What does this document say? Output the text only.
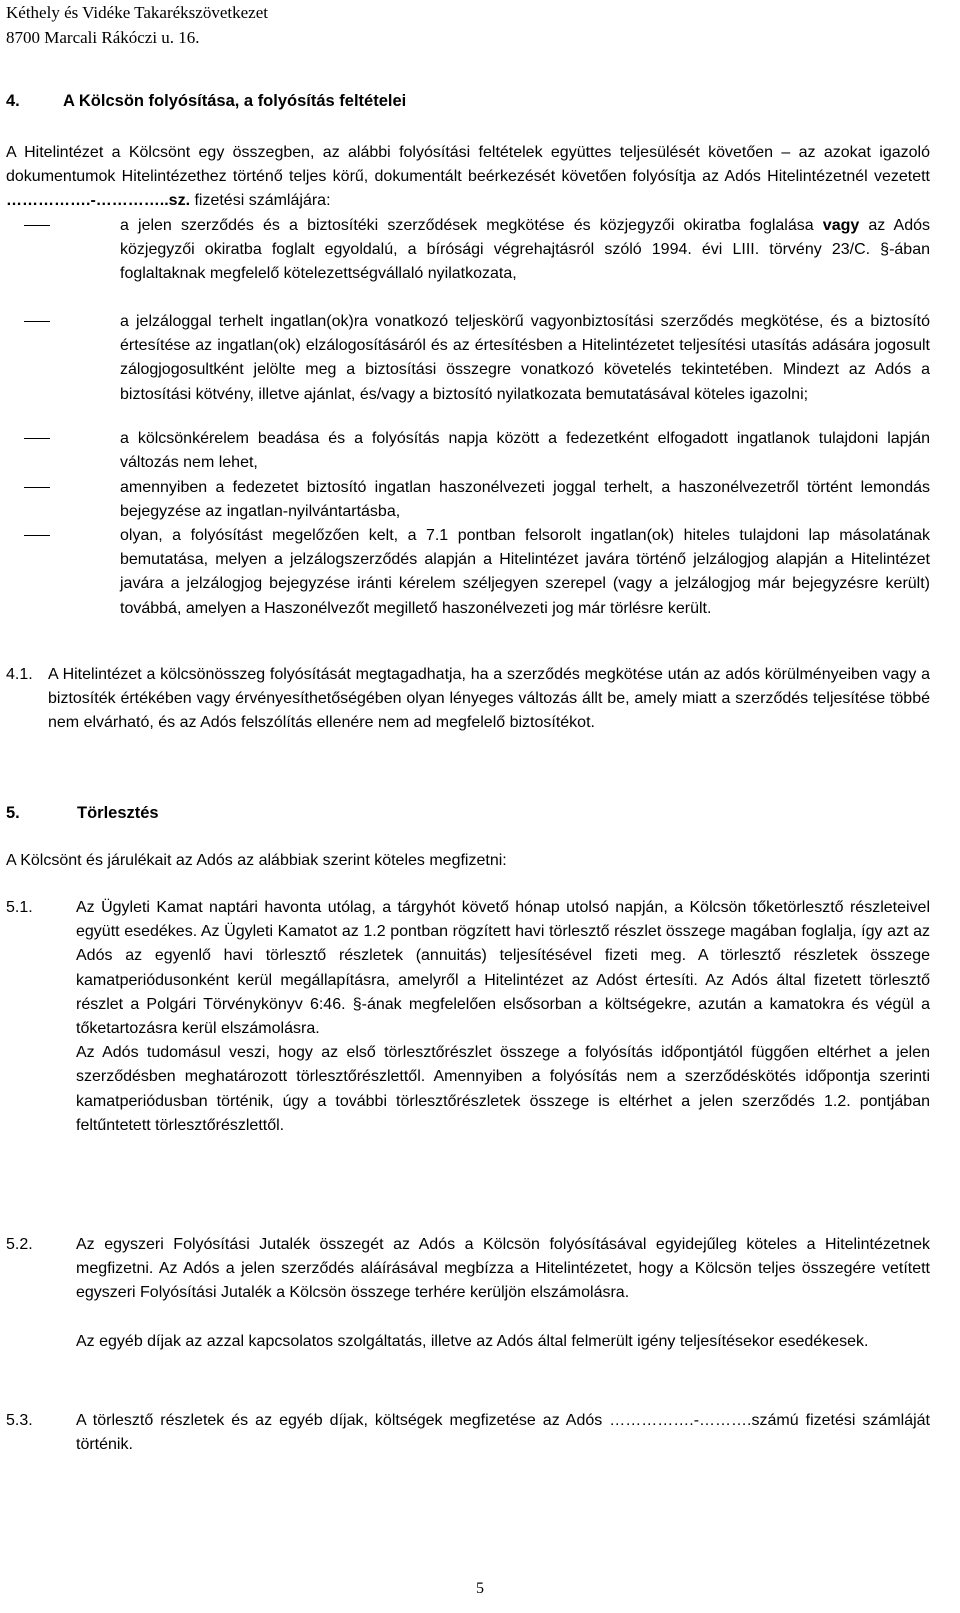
Kéthely és Vidéke Takarékszövetkezet
8700 Marcali Rákóczi u. 16.
4.	A Kölcsön folyósítása, a folyósítás feltételei
A Hitelintézet a Kölcsönt egy összegben, az alábbi folyósítási feltételek együttes teljesülését követően – az azokat igazoló dokumentumok Hitelintézethez történő teljes körű, dokumentált beérkezését követően folyósítja az Adós Hitelintézetnél vezetett …………….-…………..sz. fizetési számlájára:
a jelen szerződés és a biztosítéki szerződések megkötése és közjegyzői okiratba foglalása vagy az Adós közjegyzői okiratba foglalt egyoldalú, a bírósági végrehajtásról szóló 1994. évi LIII. törvény 23/C. §-ában foglaltaknak megfelelő kötelezettségvállaló nyilatkozata,
a jelzáloggal terhelt ingatlan(ok)ra vonatkozó teljeskörű vagyonbiztosítási szerződés megkötése, és a biztosító értesítése az ingatlan(ok) elzálogosításáról és az értesítésben a Hitelintézetet teljesítési utasítás adására jogosult zálogjogosultként jelölte meg a biztosítási összegre vonatkozó követelés tekintetében. Mindezt az Adós a biztosítási kötvény, illetve ajánlat, és/vagy a biztosító nyilatkozata bemutatásával köteles igazolni;
a kölcsönkérelem beadása és a folyósítás napja között a fedezetként elfogadott ingatlanok tulajdoni lapján változás nem lehet,
amennyiben a fedezetet biztosító ingatlan haszonélvezeti joggal terhelt, a haszonélvezetről történt lemondás bejegyzése az ingatlan-nyilvántartásba,
olyan, a folyósítást megelőzően kelt, a 7.1 pontban felsorolt ingatlan(ok) hiteles tulajdoni lap másolatának bemutatása, melyen a jelzálogszerződés alapján a Hitelintézet javára történő jelzálogjog alapján a Hitelintézet javára a jelzálogjog bejegyzése iránti kérelem széljegyen szerepel (vagy a jelzálogjog már bejegyzésre került) továbbá, amelyen a Haszonélvezőt megillető haszonélvezeti jog már törlésre került.
4.1. A Hitelintézet a kölcsönösszeg folyósítását megtagadhatja, ha a szerződés megkötése után az adós körülményeiben vagy a biztosíték értékében vagy érvényesíthetőségében olyan lényeges változás állt be, amely miatt a szerződés teljesítése többé nem elvárható, és az Adós felszólítás ellenére nem ad megfelelő biztosítékot.
5.	Törlesztés
A Kölcsönt és járulékait az Adós az alábbiak szerint köteles megfizetni:
5.1.	Az Ügyleti Kamat naptári havonta utólag, a tárgyhót követő hónap utolsó napján, a Kölcsön tőketörlesztő részleteivel együtt esedékes. Az Ügyleti Kamatot az 1.2 pontban rögzített havi törlesztő részlet összege magában foglalja, így azt az Adós az egyenlő havi törlesztő részletek (annuitás) teljesítésével fizeti meg. A törlesztő részletek összege kamatperiódusonként kerül megállapításra, amelyről a Hitelintézet az Adóst értesíti. Az Adós által fizetett törlesztő részlet a Polgári Törvénykönyv 6:46. §-ának megfelelően elsősorban a költségekre, azután a kamatokra és végül a tőketartozásra kerül elszámolásra.

Az Adós tudomásul veszi, hogy az első törlesztőrészlet összege a folyósítás időpontjától függően eltérhet a jelen szerződésben meghatározott törlesztőrészlettől. Amennyiben a folyósítás nem a szerződéskötés időpontja szerinti kamatperiódusban történik, úgy a további törlesztőrészletek összege is eltérhet a jelen szerződés 1.2. pontjában feltűntetett törlesztőrészlettől.

5.2.	Az egyszeri Folyósítási Jutalék összegét az Adós a Kölcsön folyósításával egyidejűleg köteles a Hitelintézetnek megfizetni. Az Adós a jelen szerződés aláírásával megbízza a Hitelintézetet, hogy a Kölcsön teljes összegére vetített egyszeri Folyósítási Jutalék a Kölcsön összege terhére kerüljön elszámolásra.

Az egyéb díjak az azzal kapcsolatos szolgáltatás, illetve az Adós által felmerült igény teljesítésekor esedékesek.

5.3.	A törlesztő részletek és az egyéb díjak, költségek megfizetése az Adós …………….-……….számú fizetési számláját történik.
5
